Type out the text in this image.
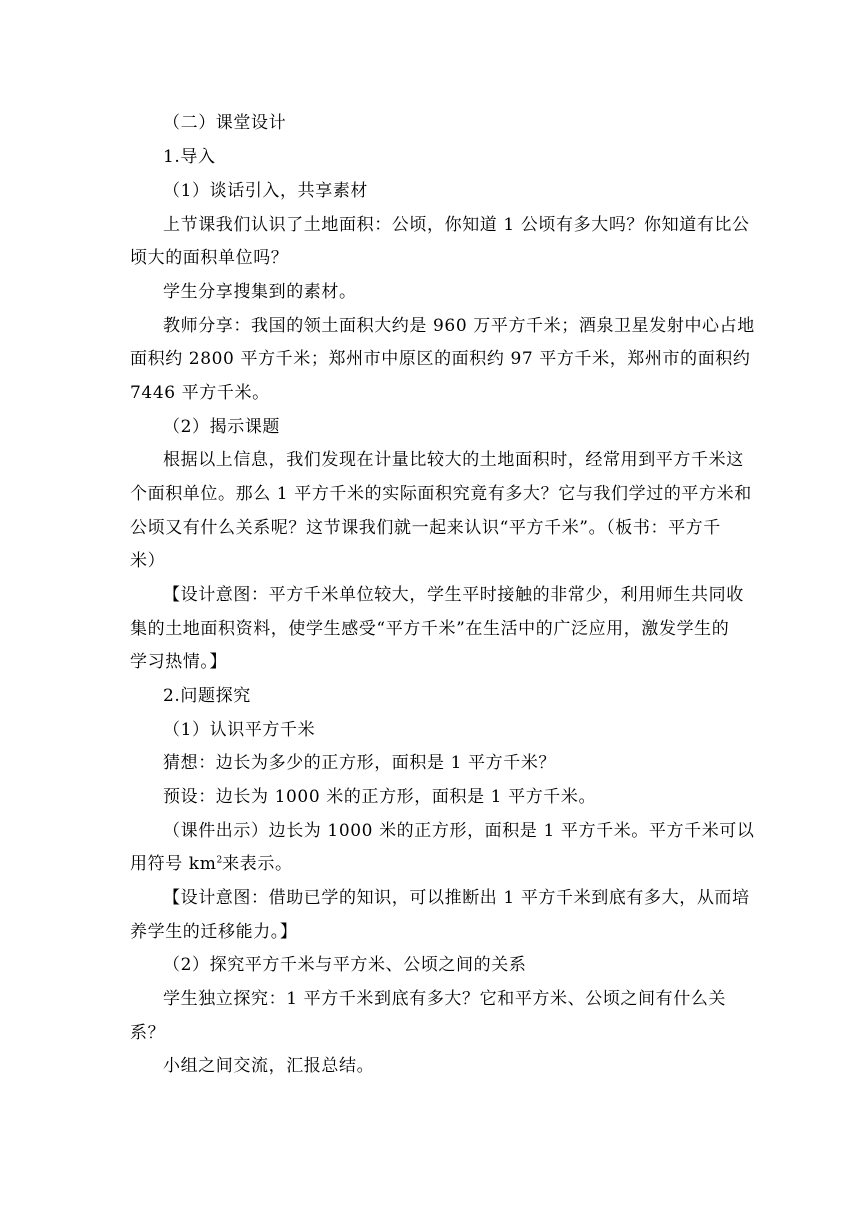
（二）课堂设计
1.导入
（1）谈话引入，共享素材
上节课我们认识了土地面积：公顷，你知道 1 公顷有多大吗？你知道有比公
顷大的面积单位吗？
学生分享搜集到的素材。
教师分享：我国的领土面积大约是 960 万平方千米；酒泉卫星发射中心占地
面积约 2800 平方千米；郑州市中原区的面积约 97 平方千米，郑州市的面积约
7446 平方千米。
（2）揭示课题
根据以上信息，我们发现在计量比较大的土地面积时，经常用到平方千米这
个面积单位。那么 1 平方千米的实际面积究竟有多大？它与我们学过的平方米和
公顷又有什么关系呢？这节课我们就一起来认识“平方千米”。（板书：平方千
米）
【设计意图：平方千米单位较大，学生平时接触的非常少，利用师生共同收
集的土地面积资料，使学生感受“平方千米”在生活中的广泛应用，激发学生的
学习热情。】
2.问题探究
（1）认识平方千米
猜想：边长为多少的正方形，面积是 1 平方千米？
预设：边长为 1000 米的正方形，面积是 1 平方千米。
（课件出示）边长为 1000 米的正方形，面积是 1 平方千米。平方千米可以
用符号 $km^2$来表示。
【设计意图：借助已学的知识，可以推断出 1 平方千米到底有多大，从而培
养学生的迁移能力。】
（2）探究平方千米与平方米、公顷之间的关系
学生独立探究：1 平方千米到底有多大？它和平方米、公顷之间有什么关
系？
小组之间交流，汇报总结。
